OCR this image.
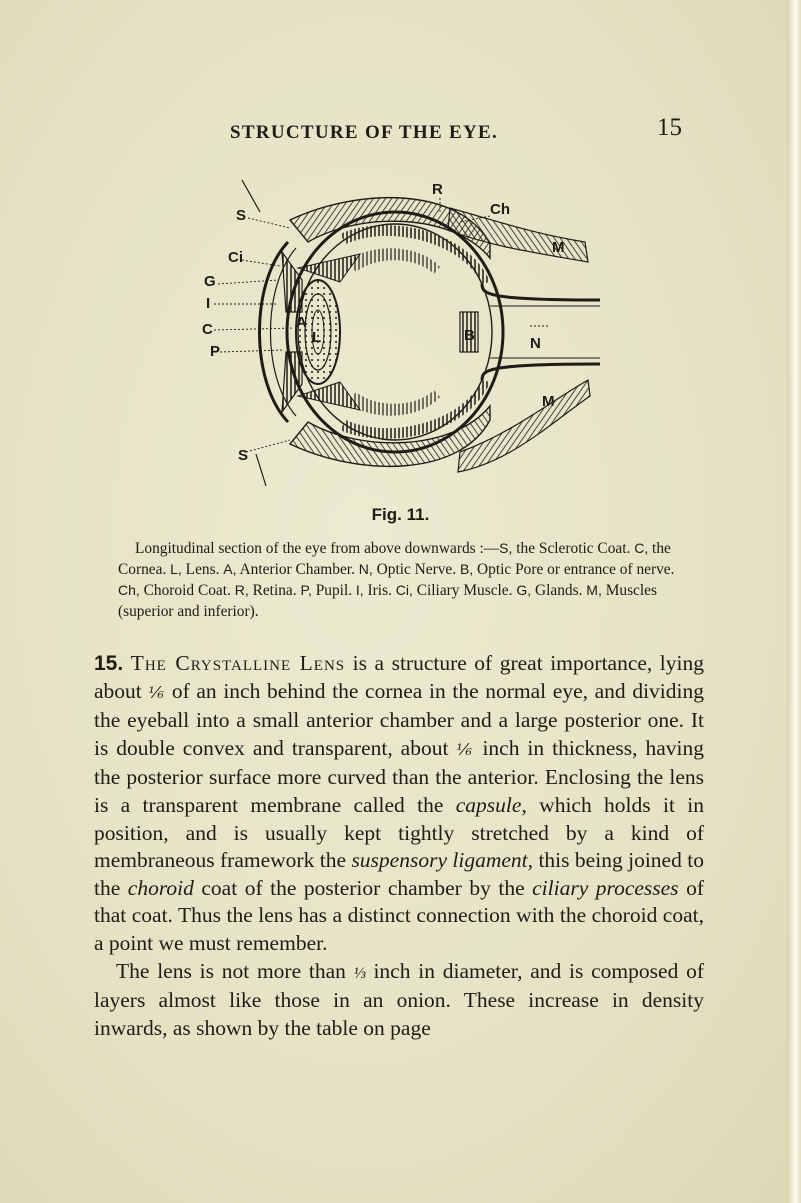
STRUCTURE OF THE EYE.	15
S
R
Ch
Ci
G
M
I
C	A
L	B	N
P
M
S
Fig. 11.

Longitudinal section of the eye from above downwards :—S, the Sclerotic Coat. C, the Cornea. L, Lens. A, Anterior Chamber. N, Optic Nerve. B, Optic Pore or entrance of nerve. Ch, Choroid Coat. R, Retina. P, Pupil. I, Iris. Ci, Ciliary Muscle. G, Glands. M, Muscles (superior and inferior).

15. The Crystalline Lens is a structure of great importance, lying about ⅙ of an inch behind the cornea in the normal eye, and dividing the eyeball into a small anterior chamber and a large posterior one. It is double convex and transparent, about ⅙ inch in thickness, having the posterior surface more curved than the anterior. Enclosing the lens is a transparent membrane called the capsule, which holds it in position, and is usually kept tightly stretched by a kind of membraneous framework the suspensory ligament, this being joined to the choroid coat of the posterior chamber by the ciliary processes of that coat. Thus the lens has a distinct connection with the choroid coat, a point we must remember.

The lens is not more than ⅓ inch in diameter, and is composed of layers almost like those in an onion. These increase in density inwards, as shown by the table on page
